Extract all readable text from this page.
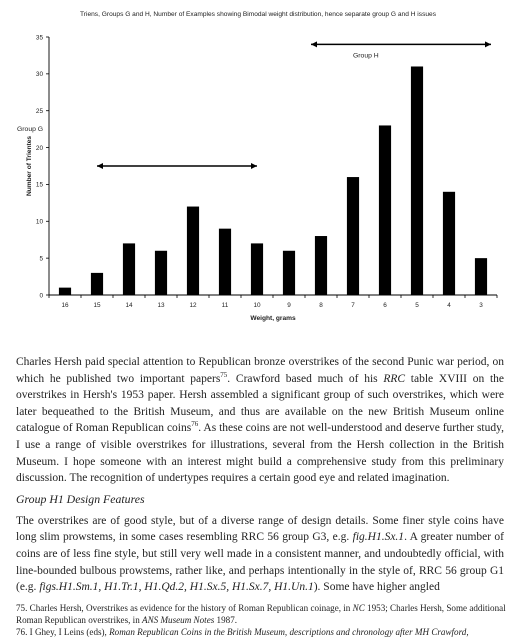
Triens, Groups G and H, Number of Examples showing Bimodal weight distribution, hence separate group G and H issues
0
5
10
15
20
25
30
35
16	15	14	13	12	11	10	9	8	7	6	5	4	3
Weight, grams
Number of Trientes
Group G
Group H

Charles Hersh paid special attention to Republican bronze overstrikes of the second Punic war period, on which he published two important papers$^{75}$. Crawford based much of his RRC table XVIII on the overstrikes in Hersh's 1953 paper. Hersh assembled a significant group of such overstrikes, which were later bequeathed to the British Museum, and thus are available on the new British Museum online catalogue of Roman Republican coins$^{76}$. As these coins are not well-understood and deserve further study, I use a range of visible overstrikes for illustrations, several from the Hersh collection in the British Museum. I hope someone with an interest might build a comprehensive study from this preliminary discussion. The recognition of undertypes requires a certain good eye and related imagination.

Group H1 Design Features

The overstrikes are of good style, but of a diverse range of design details. Some finer style coins have long slim prowstems, in some cases resembling RRC 56 group G3, e.g. fig.H1.Sx.1. A greater number of coins are of less fine style, but still very well made in a consistent manner, and undoubtedly official, with line-bounded bulbous prowstems, rather like, and perhaps intentionally in the style of, RRC 56 group G1 (e.g. figs.H1.Sm.1, H1.Tr.1, H1.Qd.2, H1.Sx.5, H1.Sx.7, H1.Un.1). Some have higher angled

75. Charles Hersh, Overstrikes as evidence for the history of Roman Republican coinage, in NC 1953; Charles Hersh, Some additional Roman Republican overstrikes, in ANS Museum Notes 1987.

76. I Ghey, I Leins (eds), Roman Republican Coins in the British Museum, descriptions and chronology after MH Crawford,
